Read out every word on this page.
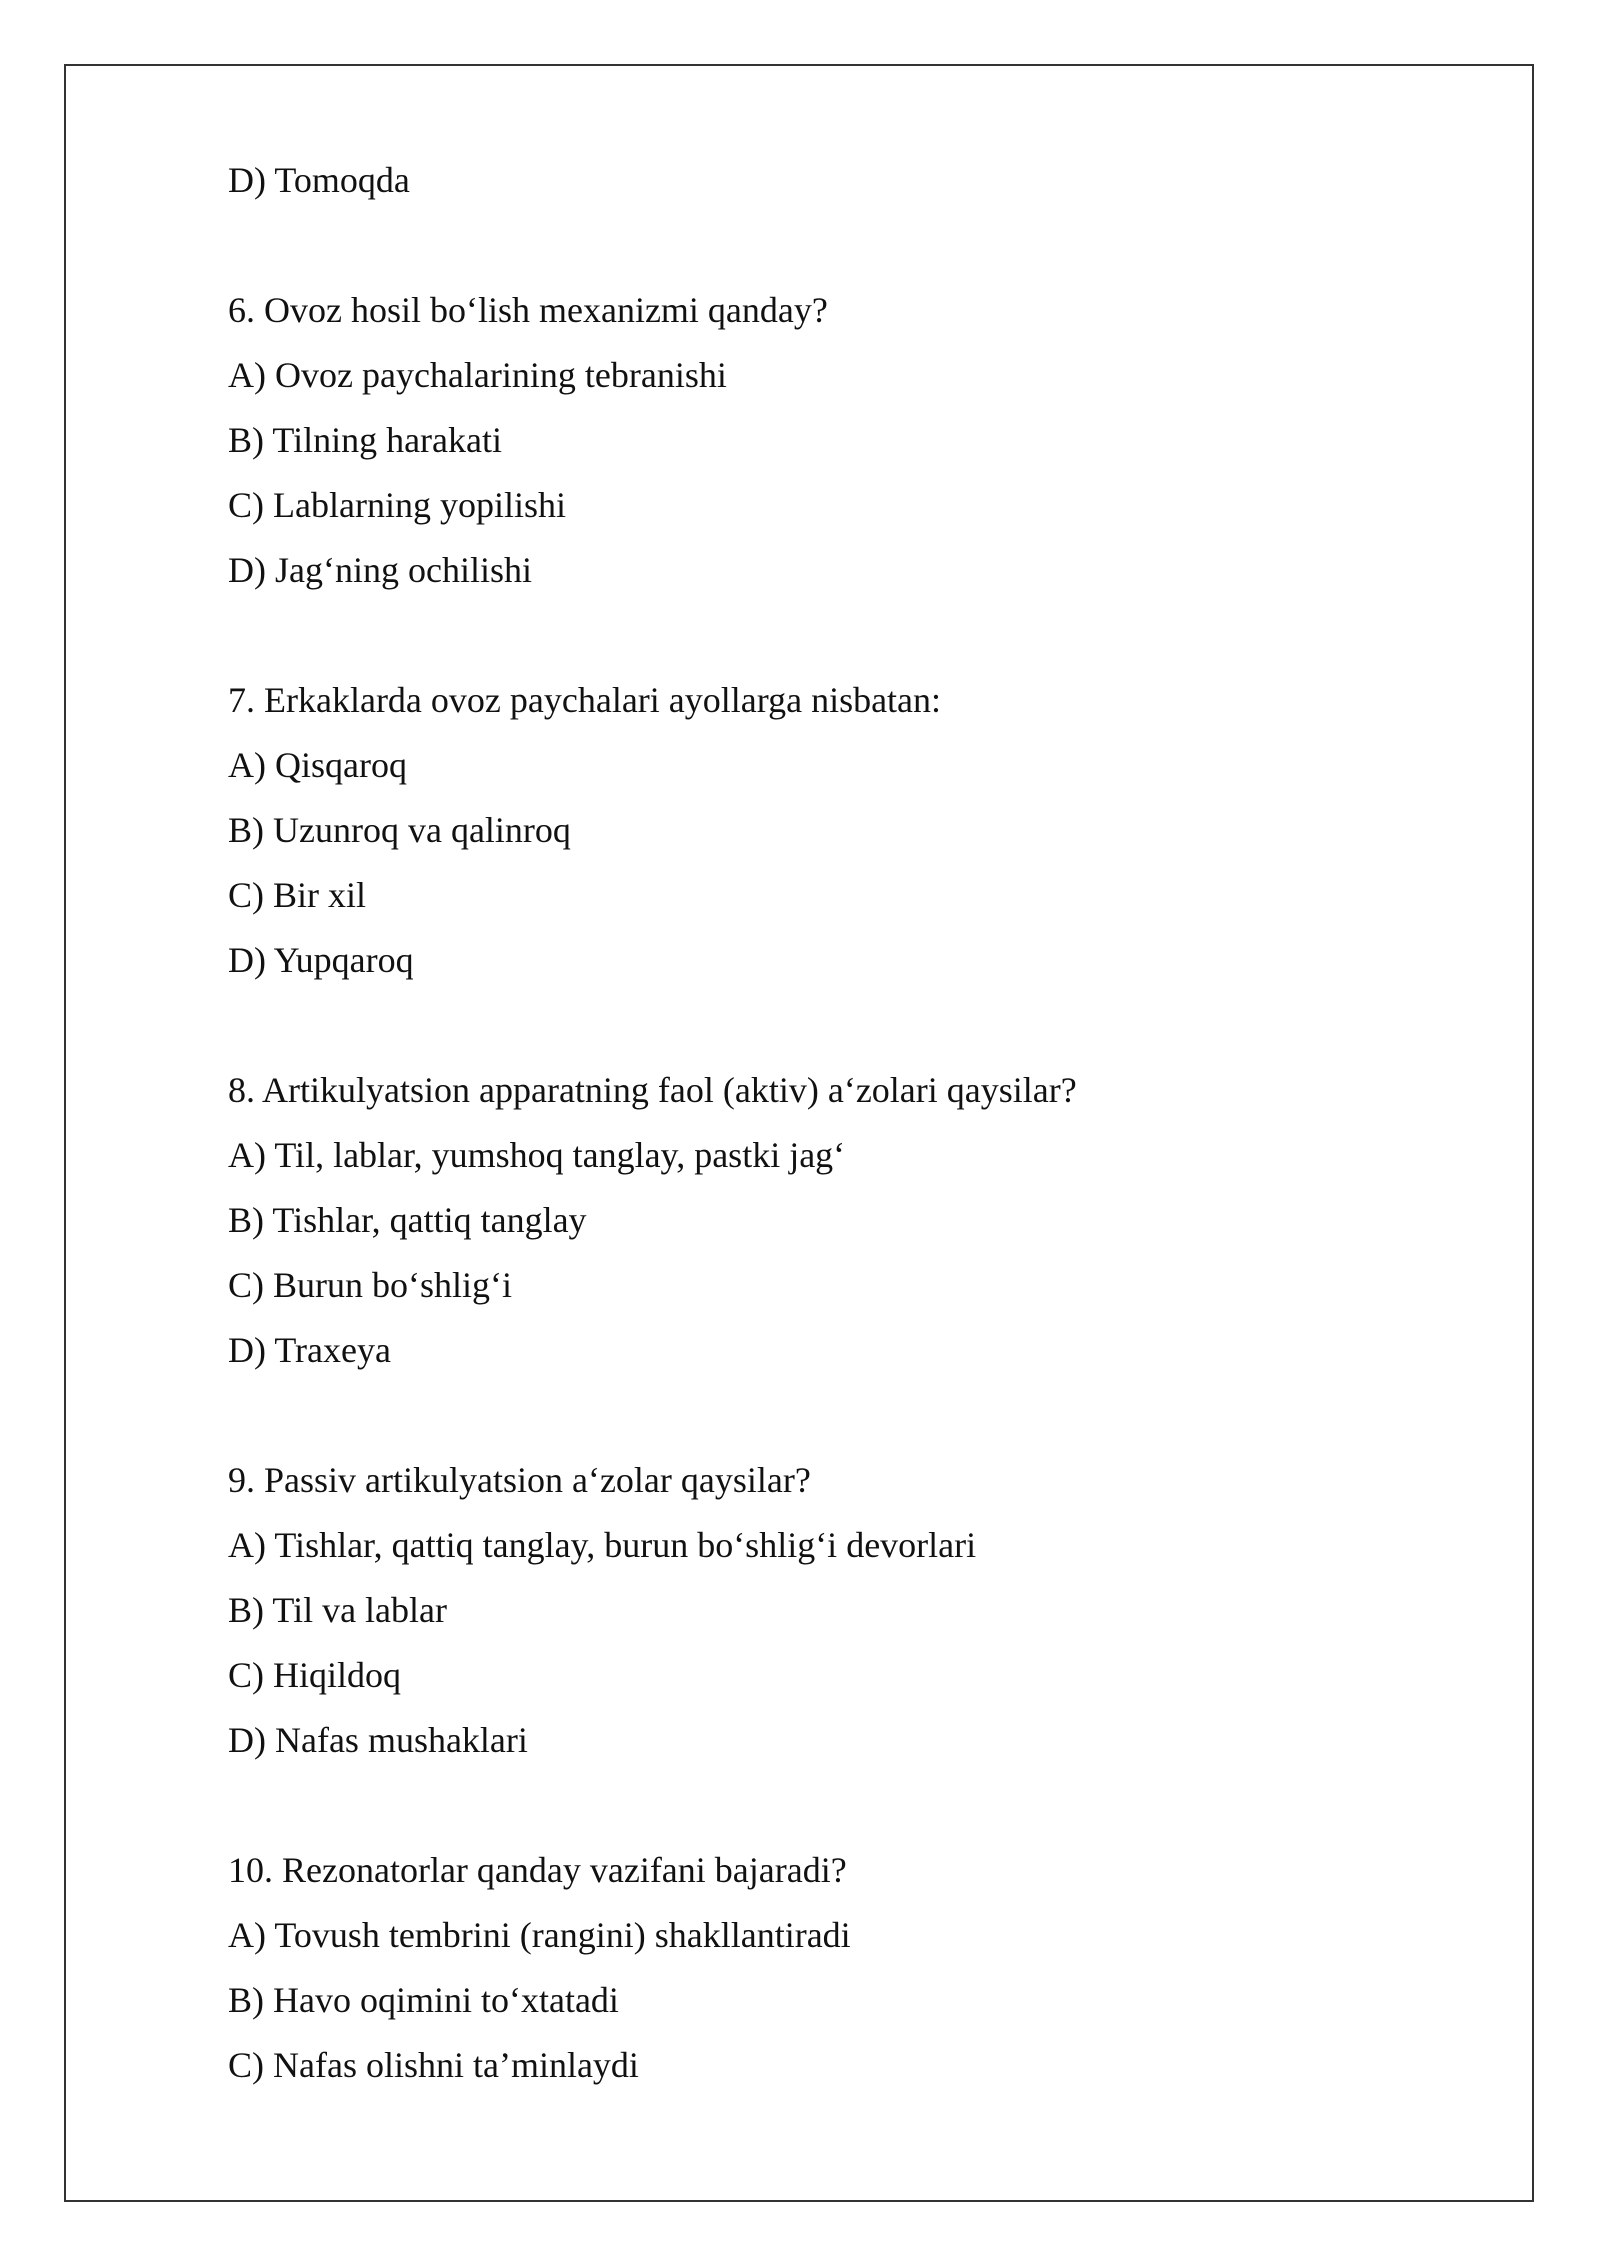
D) Tomoqda
6. Ovoz hosil bo‘lish mexanizmi qanday?
A) Ovoz paychalarining tebranishi
B) Tilning harakati
C) Lablarning yopilishi
D) Jag‘ning ochilishi
7. Erkaklarda ovoz paychalari ayollarga nisbatan:
A) Qisqaroq
B) Uzunroq va qalinroq
C) Bir xil
D) Yupqaroq
8. Artikulyatsion apparatning faol (aktiv) a‘zolari qaysilar?
A) Til, lablar, yumshoq tanglay, pastki jag‘
B) Tishlar, qattiq tanglay
C) Burun bo‘shlig‘i
D) Traxeya
9. Passiv artikulyatsion a‘zolar qaysilar?
A) Tishlar, qattiq tanglay, burun bo‘shlig‘i devorlari
B) Til va lablar
C) Hiqildoq
D) Nafas mushaklari
10. Rezonatorlar qanday vazifani bajaradi?
A) Tovush tembrini (rangini) shakllantiradi
B) Havo oqimini to‘xtatadi
C) Nafas olishni ta’minlaydi
